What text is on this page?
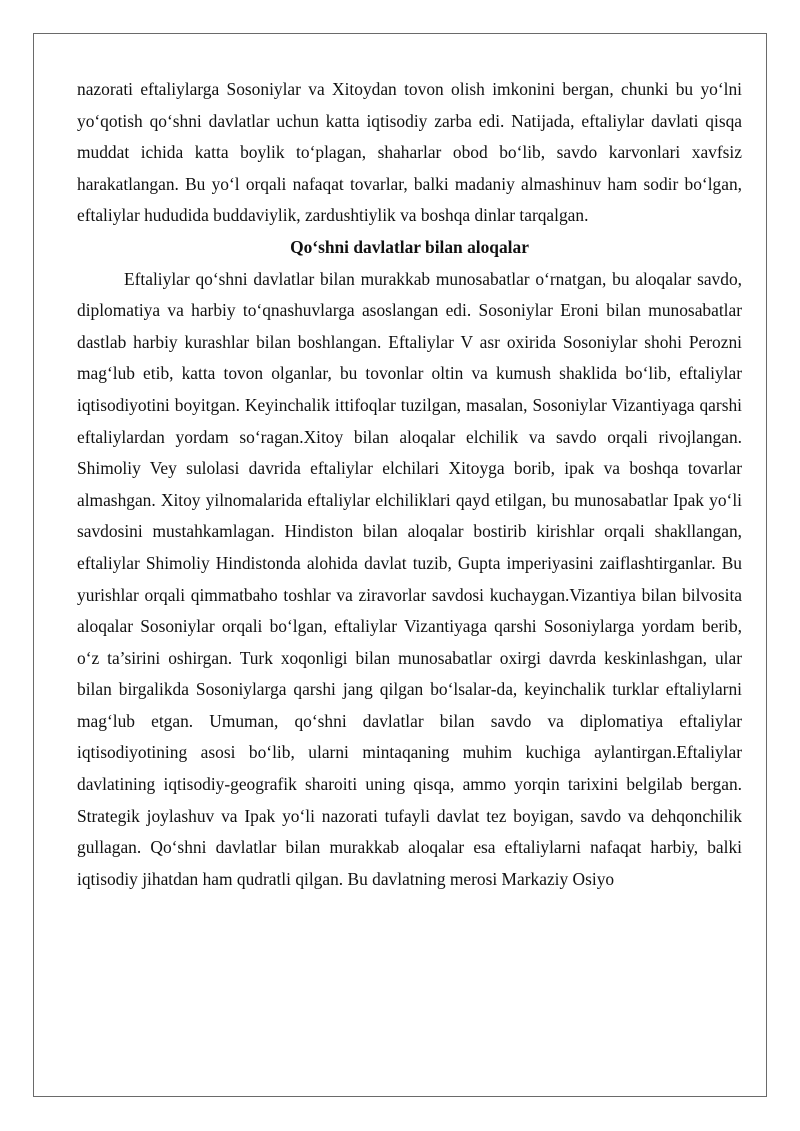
nazorati eftaliylarga Sosoniylar va Xitoydan tovon olish imkonini bergan, chunki bu yo‘lni yo‘qotish qo‘shni davlatlar uchun katta iqtisodiy zarba edi. Natijada, eftaliylar davlati qisqa muddat ichida katta boylik to‘plagan, shaharlar obod bo‘lib, savdo karvonlari xavfsiz harakatlangan. Bu yo‘l orqali nafaqat tovarlar, balki madaniy almashinuv ham sodir bo‘lgan, eftaliylar hududida buddaviylik, zardushtiylik va boshqa dinlar tarqalgan.

Qo‘shni davlatlar bilan aloqalar

Eftaliylar qo‘shni davlatlar bilan murakkab munosabatlar o‘rnatgan, bu aloqalar savdo, diplomatiya va harbiy to‘qnashuvlarga asoslangan edi. Sosoniylar Eroni bilan munosabatlar dastlab harbiy kurashlar bilan boshlangan. Eftaliylar V asr oxirida Sosoniylar shohi Perozni mag‘lub etib, katta tovon olganlar, bu tovonlar oltin va kumush shaklida bo‘lib, eftaliylar iqtisodiyotini boyitgan. Keyinchalik ittifoqlar tuzilgan, masalan, Sosoniylar Vizantiyaga qarshi eftaliylardan yordam so‘ragan.Xitoy bilan aloqalar elchilik va savdo orqali rivojlangan. Shimoliy Vey sulolasi davrida eftaliylar elchilari Xitoyga borib, ipak va boshqa tovarlar almashgan. Xitoy yilnomalarida eftaliylar elchiliklari qayd etilgan, bu munosabatlar Ipak yo‘li savdosini mustahkamlagan. Hindiston bilan aloqalar bostirib kirishlar orqali shakllangan, eftaliylar Shimoliy Hindistonda alohida davlat tuzib, Gupta imperiyasini zaiflashtirganlar. Bu yurishlar orqali qimmatbaho toshlar va ziravorlar savdosi kuchaygan.Vizantiya bilan bilvosita aloqalar Sosoniylar orqali bo‘lgan, eftaliylar Vizantiyaga qarshi Sosoniylarga yordam berib, o‘z ta’sirini oshirgan. Turk xoqonligi bilan munosabatlar oxirgi davrda keskinlashgan, ular bilan birgalikda Sosoniylarga qarshi jang qilgan bo‘lsalar-da, keyinchalik turklar eftaliylarni mag‘lub etgan. Umuman, qo‘shni davlatlar bilan savdo va diplomatiya eftaliylar iqtisodiyotining asosi bo‘lib, ularni mintaqaning muhim kuchiga aylantirgan.Eftaliylar davlatining iqtisodiy-geografik sharoiti uning qisqa, ammo yorqin tarixini belgilab bergan. Strategik joylashuv va Ipak yo‘li nazorati tufayli davlat tez boyigan, savdo va dehqonchilik gullagan. Qo‘shni davlatlar bilan murakkab aloqalar esa eftaliylarni nafaqat harbiy, balki iqtisodiy jihatdan ham qudratli qilgan. Bu davlatning merosi Markaziy Osiyo
